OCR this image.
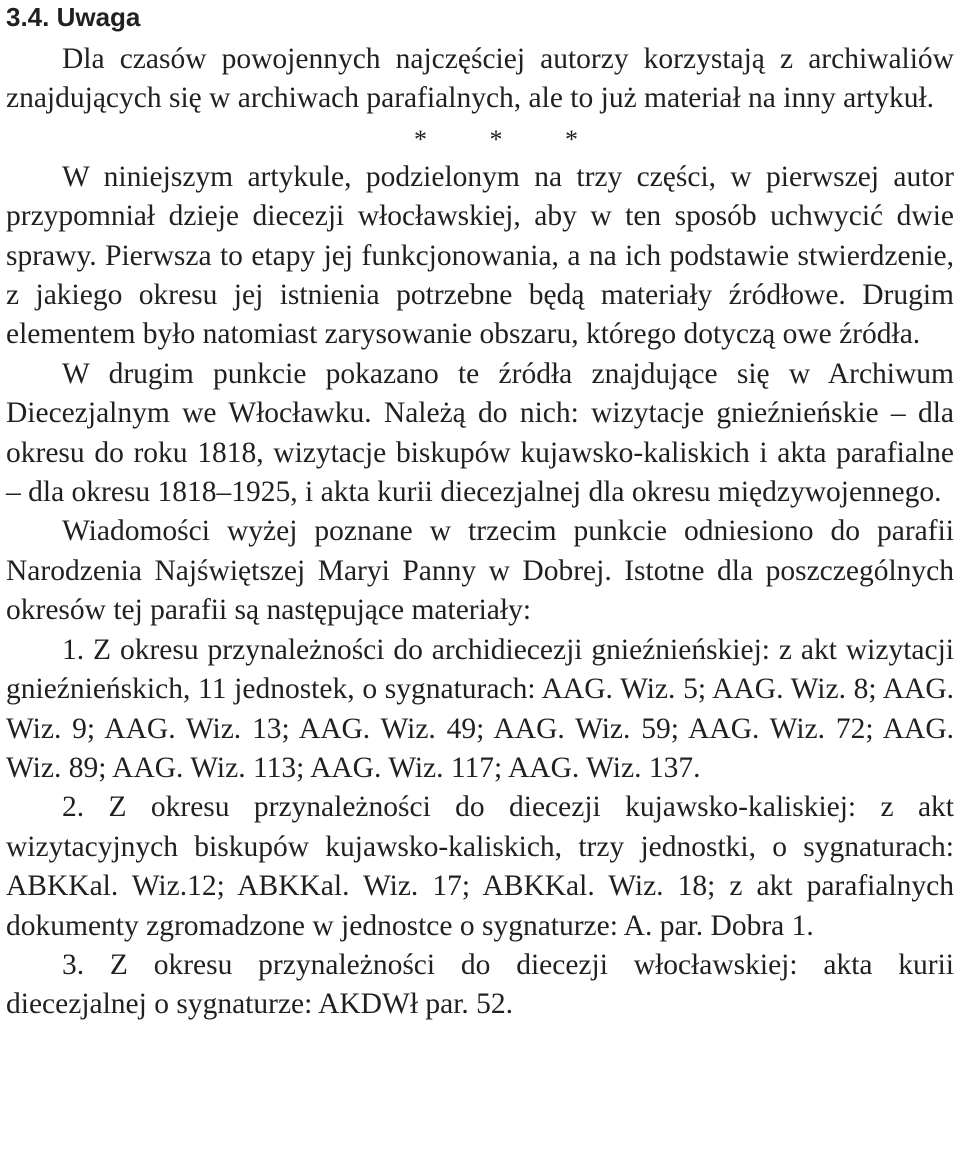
3.4. Uwaga

Dla czasów powojennych najczęściej autorzy korzystają z archiwaliów znajdujących się w archiwach parafialnych, ale to już materiał na inny artykuł.

* * *

W niniejszym artykule, podzielonym na trzy części, w pierwszej autor przypomniał dzieje diecezji włocławskiej, aby w ten sposób uchwycić dwie sprawy. Pierwsza to etapy jej funkcjonowania, a na ich podstawie stwierdzenie, z jakiego okresu jej istnienia potrzebne będą materiały źródłowe. Drugim elementem było natomiast zarysowanie obszaru, którego dotyczą owe źródła.

W drugim punkcie pokazano te źródła znajdujące się w Archiwum Diecezjalnym we Włocławku. Należą do nich: wizytacje gnieźnieńskie – dla okresu do roku 1818, wizytacje biskupów kujawsko-kaliskich i akta parafialne – dla okresu 1818–1925, i akta kurii diecezjalnej dla okresu międzywojennego.

Wiadomości wyżej poznane w trzecim punkcie odniesiono do parafii Narodzenia Najświętszej Maryi Panny w Dobrej. Istotne dla poszczególnych okresów tej parafii są następujące materiały:

1. Z okresu przynależności do archidiecezji gnieźnieńskiej: z akt wizytacji gnieźnieńskich, 11 jednostek, o sygnaturach: AAG. Wiz. 5; AAG. Wiz. 8; AAG. Wiz. 9; AAG. Wiz. 13; AAG. Wiz. 49; AAG. Wiz. 59; AAG. Wiz. 72; AAG. Wiz. 89; AAG. Wiz. 113; AAG. Wiz. 117; AAG. Wiz. 137.

2. Z okresu przynależności do diecezji kujawsko-kaliskiej: z akt wizytacyjnych biskupów kujawsko-kaliskich, trzy jednostki, o sygnaturach: ABKKal. Wiz.12; ABKKal. Wiz. 17; ABKKal. Wiz. 18; z akt parafialnych dokumenty zgromadzone w jednostce o sygnaturze: A. par. Dobra 1.

3. Z okresu przynależności do diecezji włocławskiej: akta kurii diecezjalnej o sygnaturze: AKDWł par. 52.
